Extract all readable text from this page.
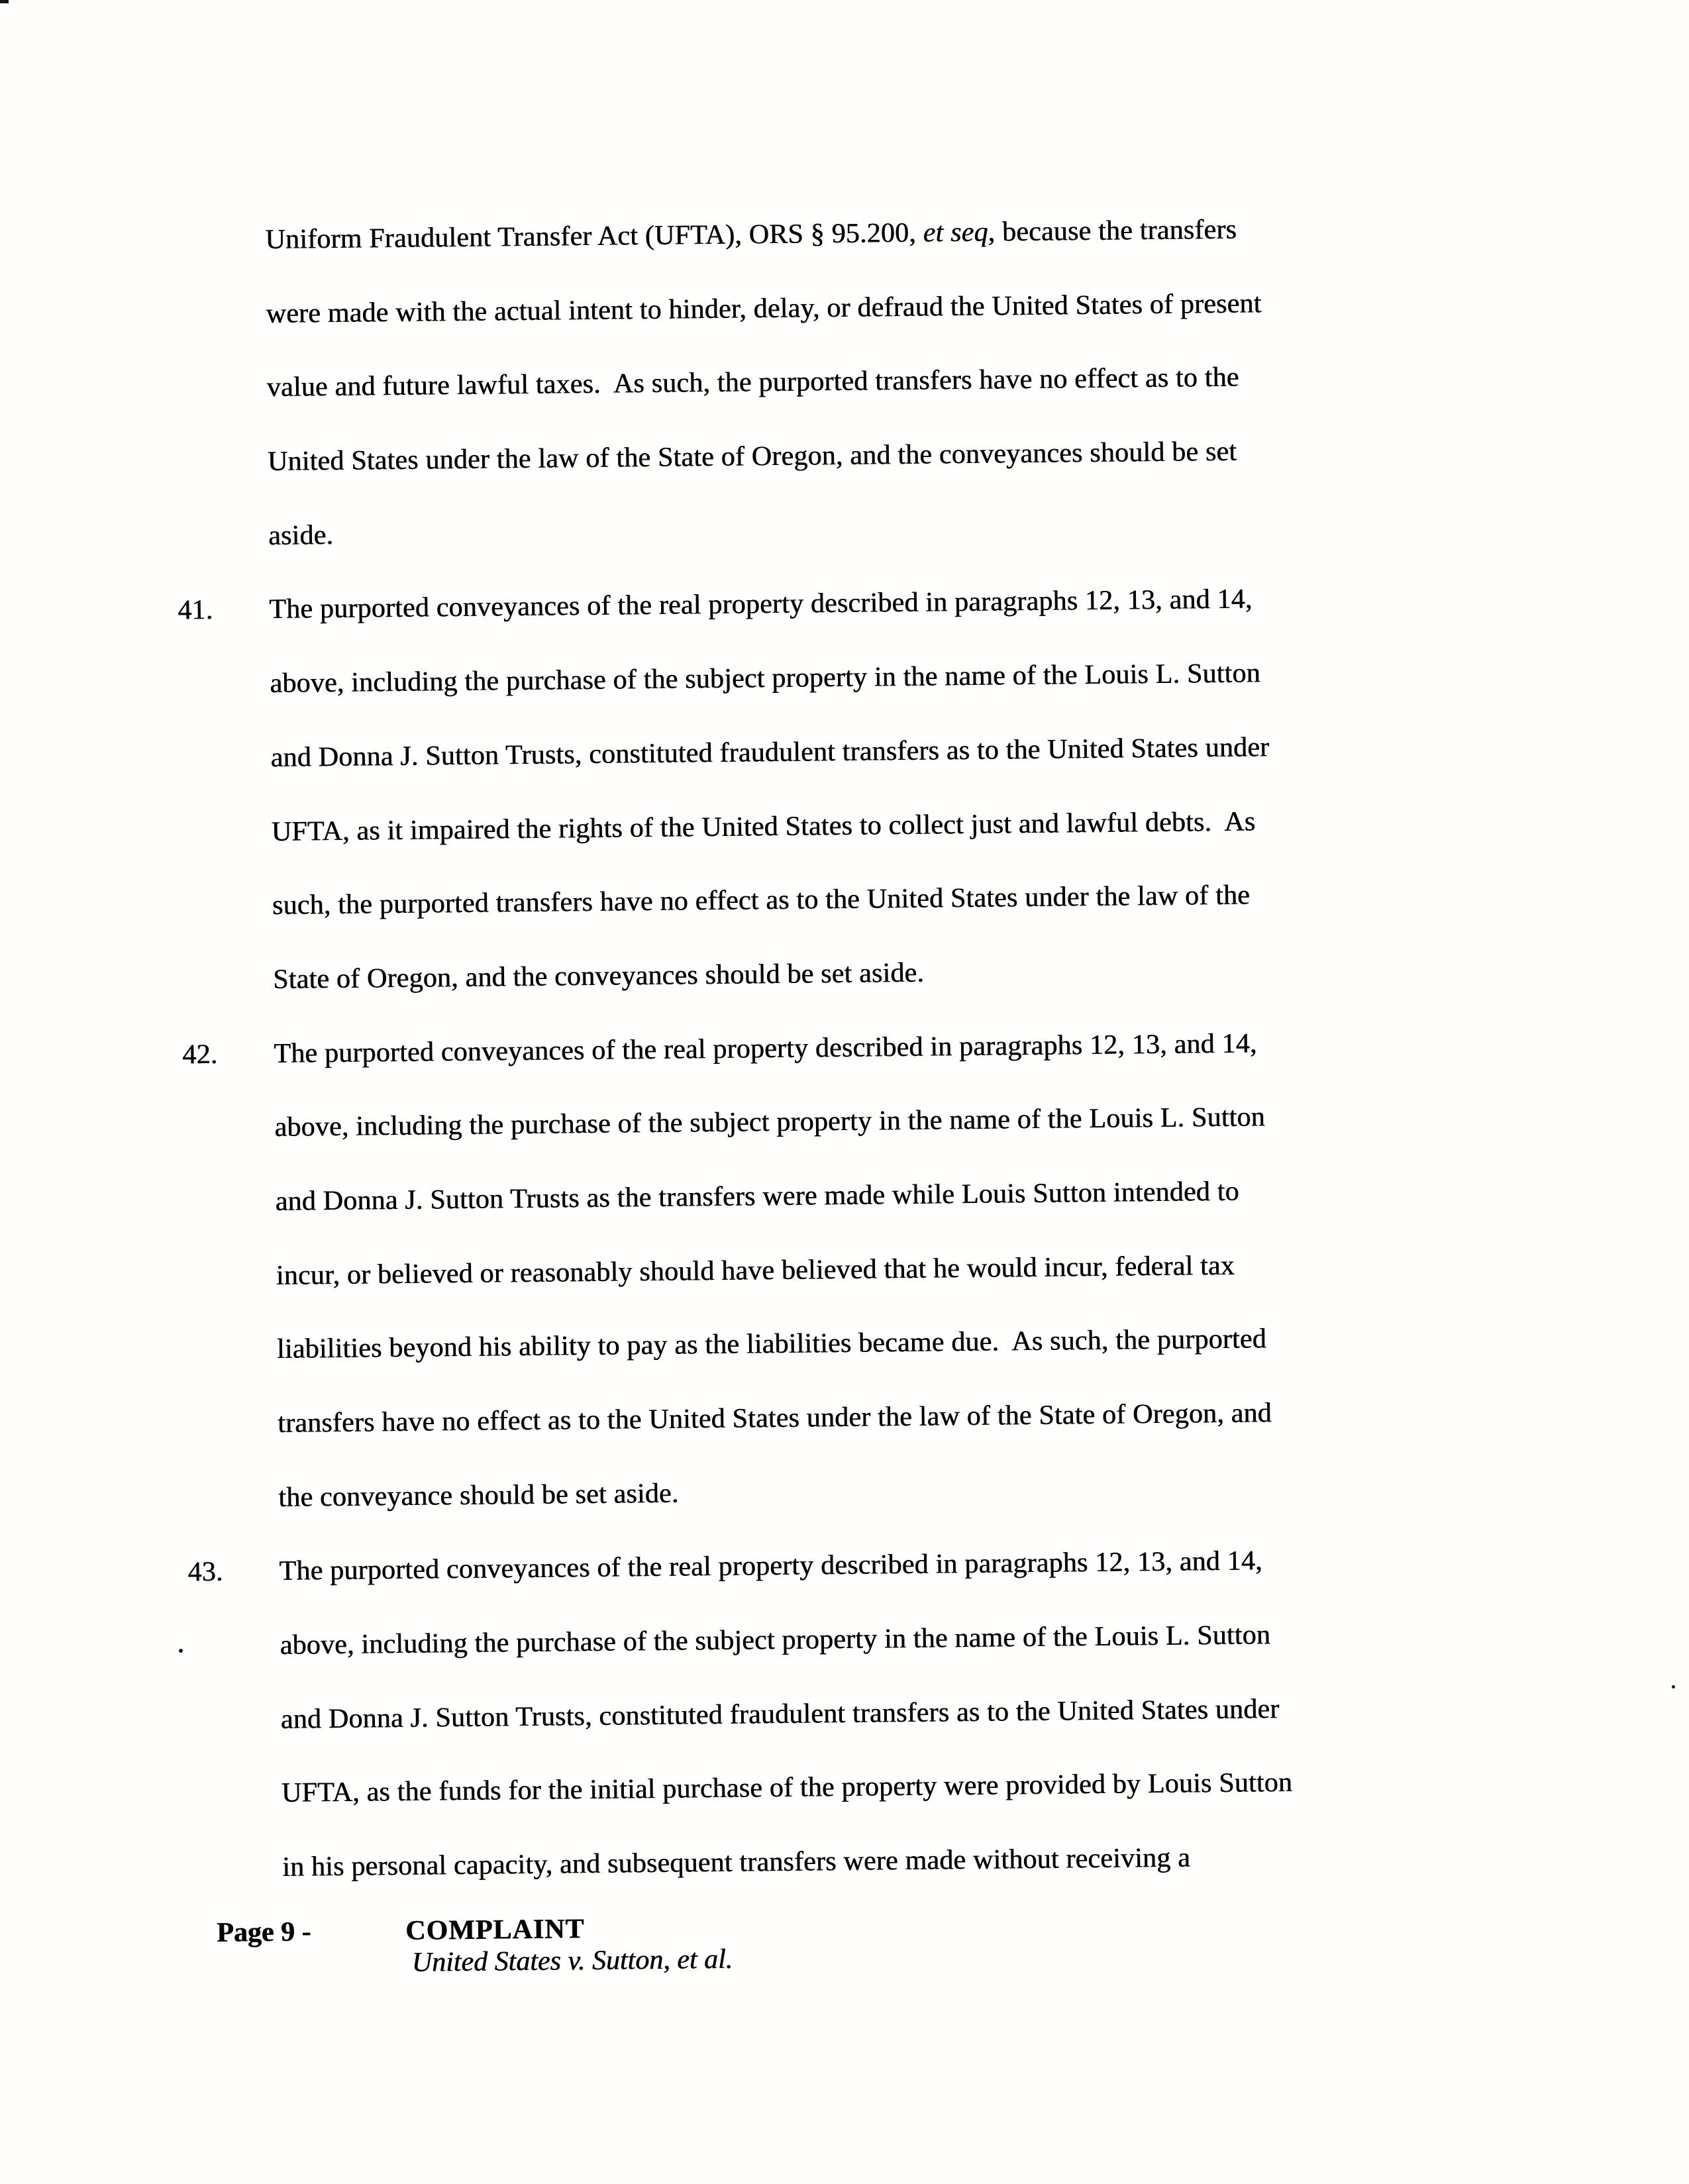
Uniform Fraudulent Transfer Act (UFTA), ORS § 95.200, et seq, because the transfers
were made with the actual intent to hinder, delay, or defraud the United States of present
value and future lawful taxes.  As such, the purported transfers have no effect as to the
United States under the law of the State of Oregon, and the conveyances should be set
aside.
41. The purported conveyances of the real property described in paragraphs 12, 13, and 14,
above, including the purchase of the subject property in the name of the Louis L. Sutton
and Donna J. Sutton Trusts, constituted fraudulent transfers as to the United States under
UFTA, as it impaired the rights of the United States to collect just and lawful debts.  As
such, the purported transfers have no effect as to the United States under the law of the
State of Oregon, and the conveyances should be set aside.
42. The purported conveyances of the real property described in paragraphs 12, 13, and 14,
above, including the purchase of the subject property in the name of the Louis L. Sutton
and Donna J. Sutton Trusts as the transfers were made while Louis Sutton intended to
incur, or believed or reasonably should have believed that he would incur, federal tax
liabilities beyond his ability to pay as the liabilities became due.  As such, the purported
transfers have no effect as to the United States under the law of the State of Oregon, and
the conveyance should be set aside.
43. The purported conveyances of the real property described in paragraphs 12, 13, and 14,
above, including the purchase of the subject property in the name of the Louis L. Sutton
and Donna J. Sutton Trusts, constituted fraudulent transfers as to the United States under
UFTA, as the funds for the initial purchase of the property were provided by Louis Sutton
in his personal capacity, and subsequent transfers were made without receiving a
Page 9 -	COMPLAINT
United States v. Sutton, et al.
